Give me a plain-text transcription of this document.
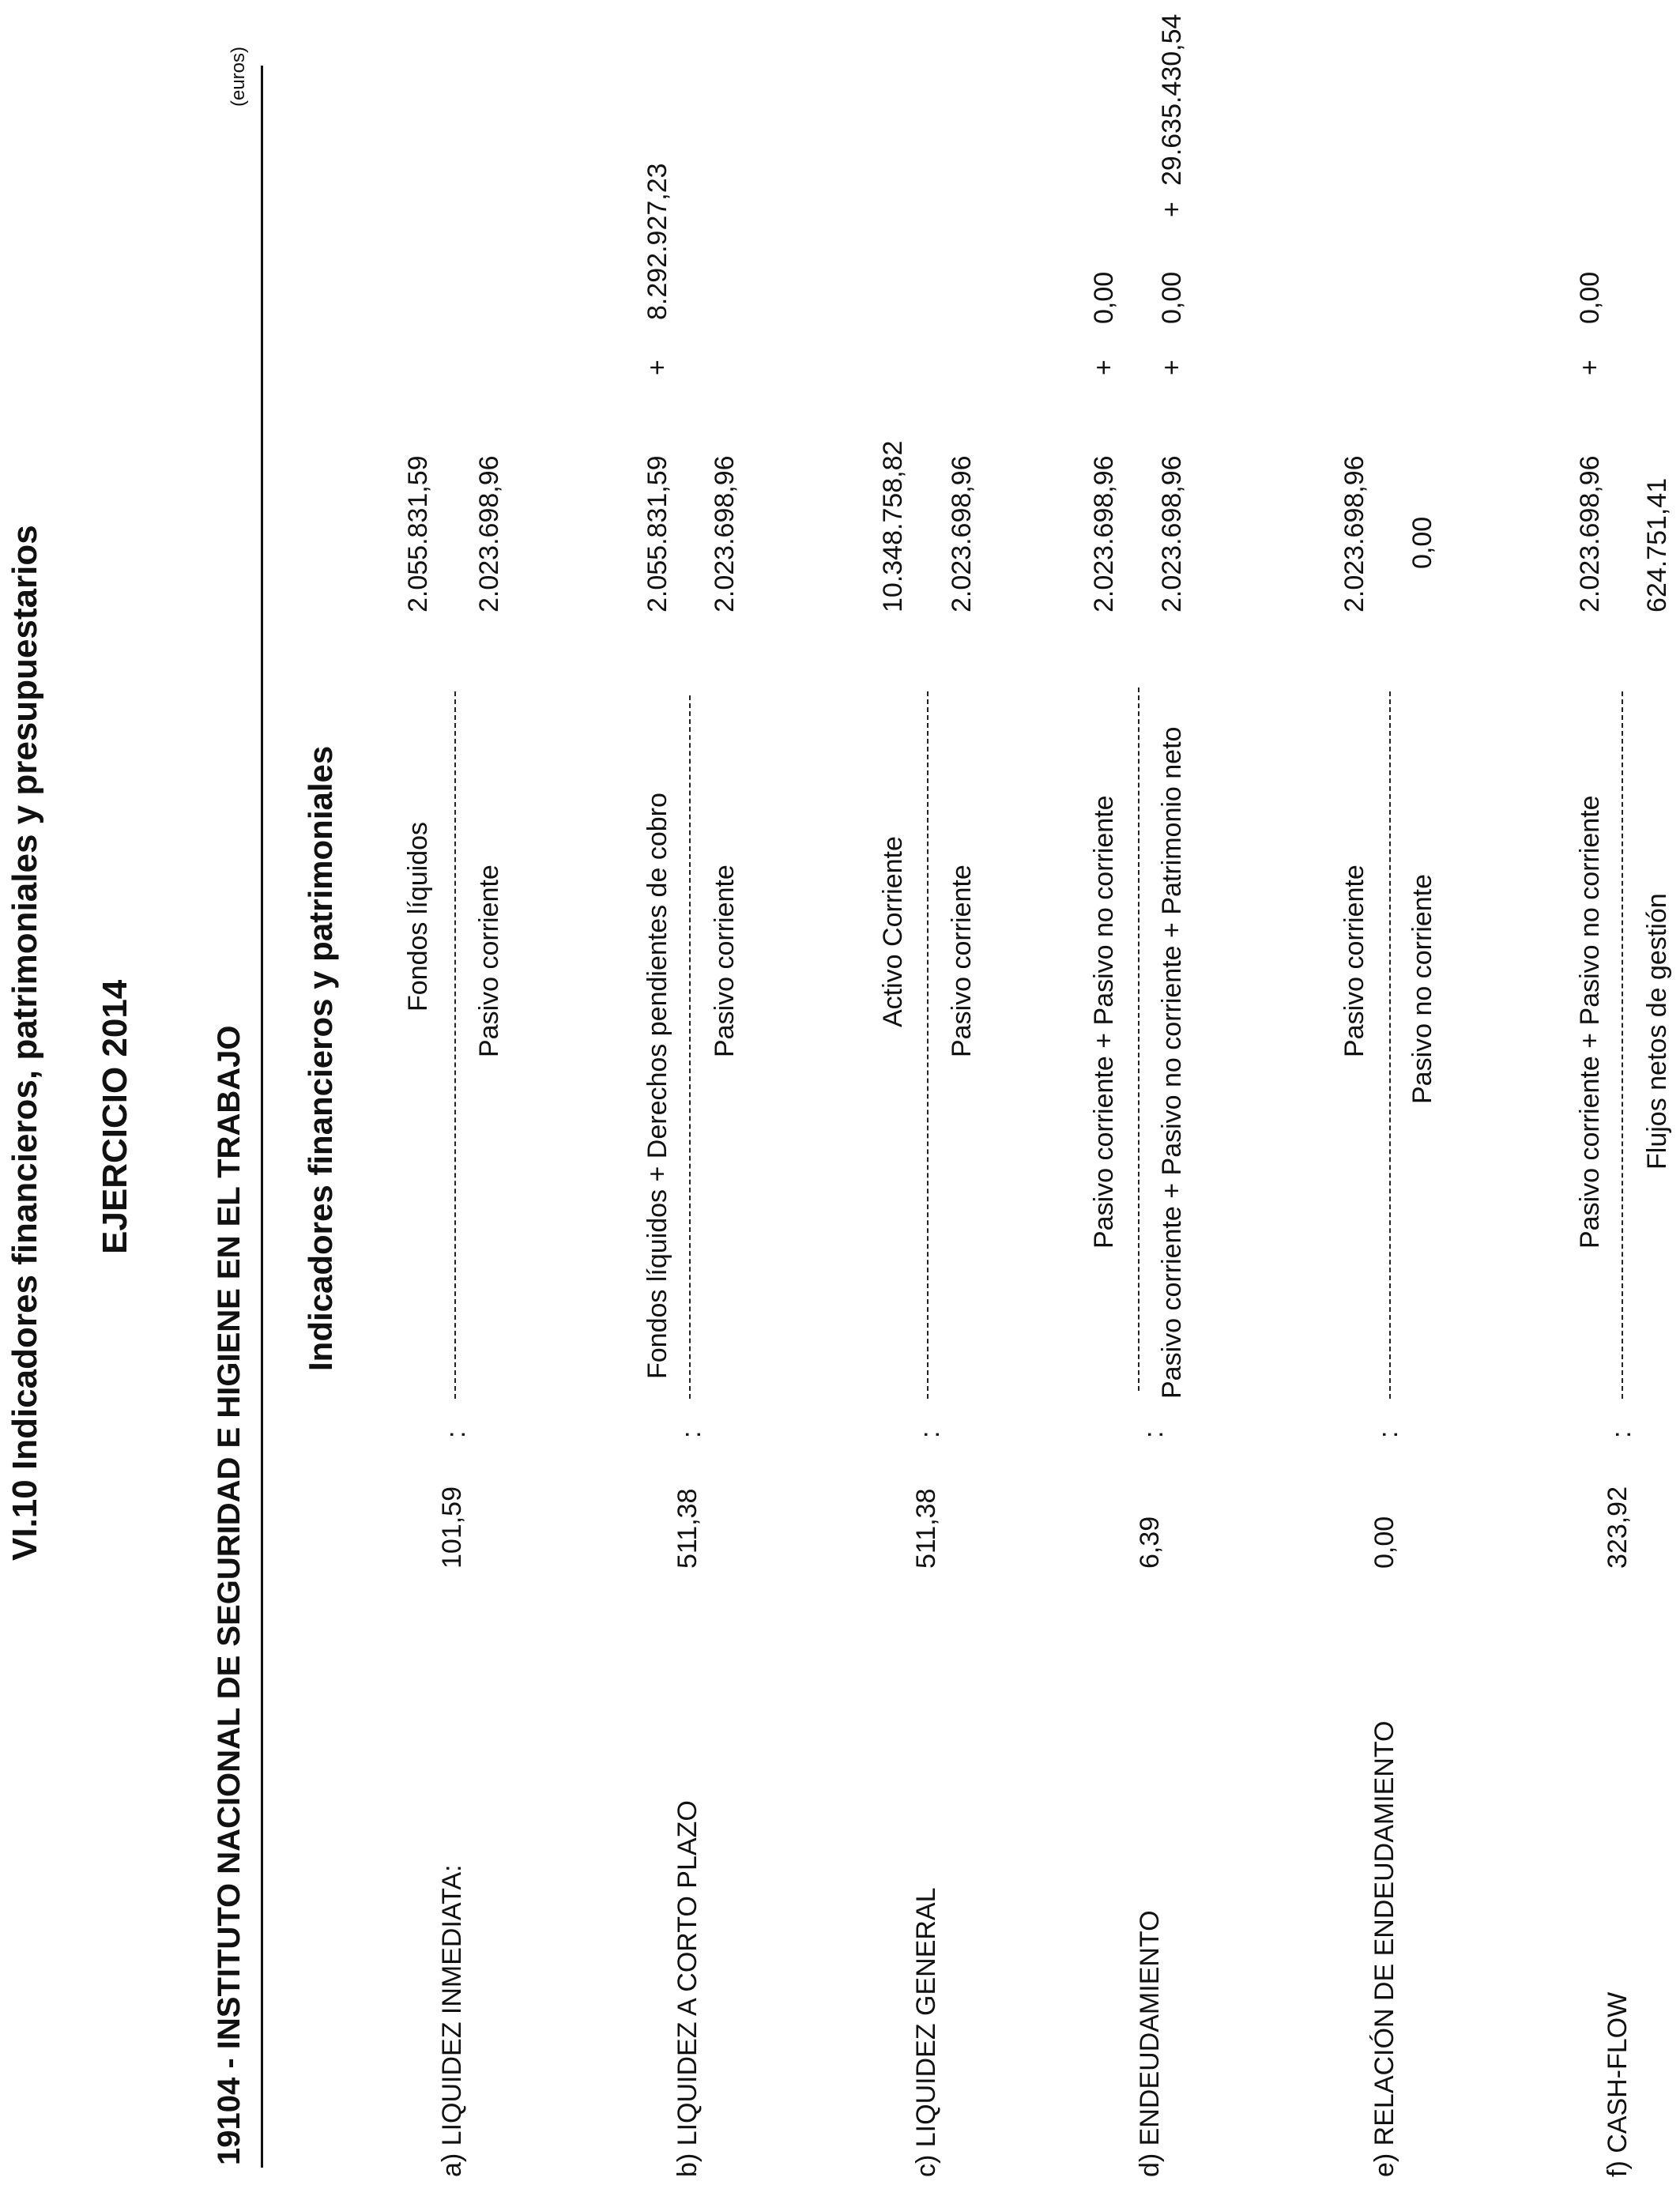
VI.10 Indicadores financieros, patrimoniales y presupuestarios EJERCICIO 2014 19104 - INSTITUTO NACIONAL DE SEGURIDAD E HIGIENE EN EL TRABAJO
(euros)
Indicadores financieros y patrimoniales
a) LIQUIDEZ INMEDIATA:
101,59
:
Fondos líquidos Pasivo corriente
2.055.831,59 2.023.698,96
b) LIQUIDEZ A CORTO PLAZO
511,38
:
Fondos líquidos + Derechos pendientes de cobro Pasivo corriente
2.055.831,59
+
8.292.927,23
2.023.698,96
c) LIQUIDEZ GENERAL
511,38
:
Activo Corriente Pasivo corriente
10.348.758,82 2.023.698,96
d) ENDEUDAMIENTO
6,39
:
Pasivo corriente + Pasivo no corriente Pasivo corriente + Pasivo no corriente + Patrimonio neto
2.023.698,96
+
0,00
2.023.698,96
+
0,00
+
29.635.430,54
e) RELACIÓN DE ENDEUDAMIENTO
0,00
:
Pasivo corriente Pasivo no corriente
2.023.698,96 0,00
f) CASH-FLOW
323,92
:
Pasivo corriente + Pasivo no corriente Flujos netos de gestión
2.023.698,96
+
0,00
624.751,41
